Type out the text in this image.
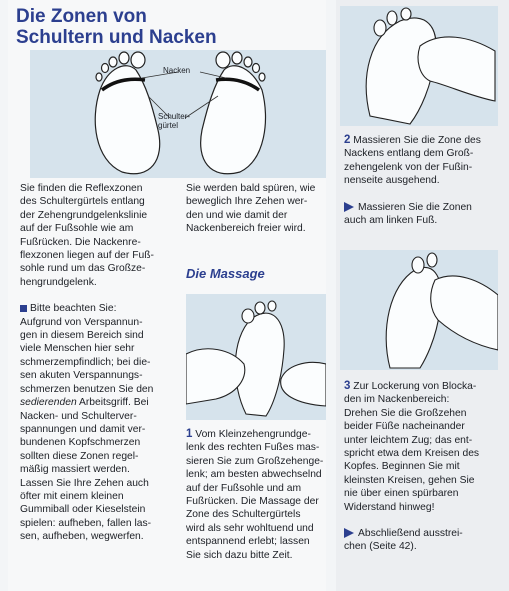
Die Zonen von
Schultern und Nacken
Nacken
Schulter-
gürtel

Sie finden die Reflexzonen

des Schultergürtels entlang

der Zehengrundgelenkslinie

auf der Fußsohle wie am

Fußrücken. Die Nackenre-

flexzonen liegen auf der Fuß-

sohle rund um das Großze-

hengrundgelenk.

Bitte beachten Sie:

Aufgrund von Verspannun-

gen in diesem Bereich sind

viele Menschen hier sehr

schmerzempfindlich; bei die-

sen akuten Verspannungs-

schmerzen benutzen Sie den

sedierenden Arbeitsgriff. Bei

Nacken- und Schulterver-

spannungen und damit ver-

bundenen Kopfschmerzen

sollten diese Zonen regel-

mäßig massiert werden.

Lassen Sie Ihre Zehen auch

öfter mit einem kleinen

Gummiball oder Kieselstein

spielen: aufheben, fallen las-

sen, aufheben, wegwerfen.

Sie werden bald spüren, wie

beweglich Ihre Zehen wer-

den und wie damit der

Nackenbereich freier wird.

Die Massage

1 Vom Kleinzehengrundge-

lenk des rechten Fußes mas-

sieren Sie zum Großzehenge-

lenk; am besten abwechselnd

auf der Fußsohle und am

Fußrücken. Die Massage der

Zone des Schultergürtels

wird als sehr wohltuend und

entspannend erlebt; lassen

Sie sich dazu bitte Zeit.

2 Massieren Sie die Zone des

Nackens entlang dem Groß-

zehengelenk von der Fußin-

nenseite ausgehend.

Massieren Sie die Zonen

auch am linken Fuß.

3 Zur Lockerung von Blocka-

den im Nackenbereich:

Drehen Sie die Großzehen

beider Füße nacheinander

unter leichtem Zug; das ent-

spricht etwa dem Kreisen des

Kopfes. Beginnen Sie mit

kleinsten Kreisen, gehen Sie

nie über einen spürbaren

Widerstand hinweg!

Abschließend ausstrei-

chen (Seite 42).
